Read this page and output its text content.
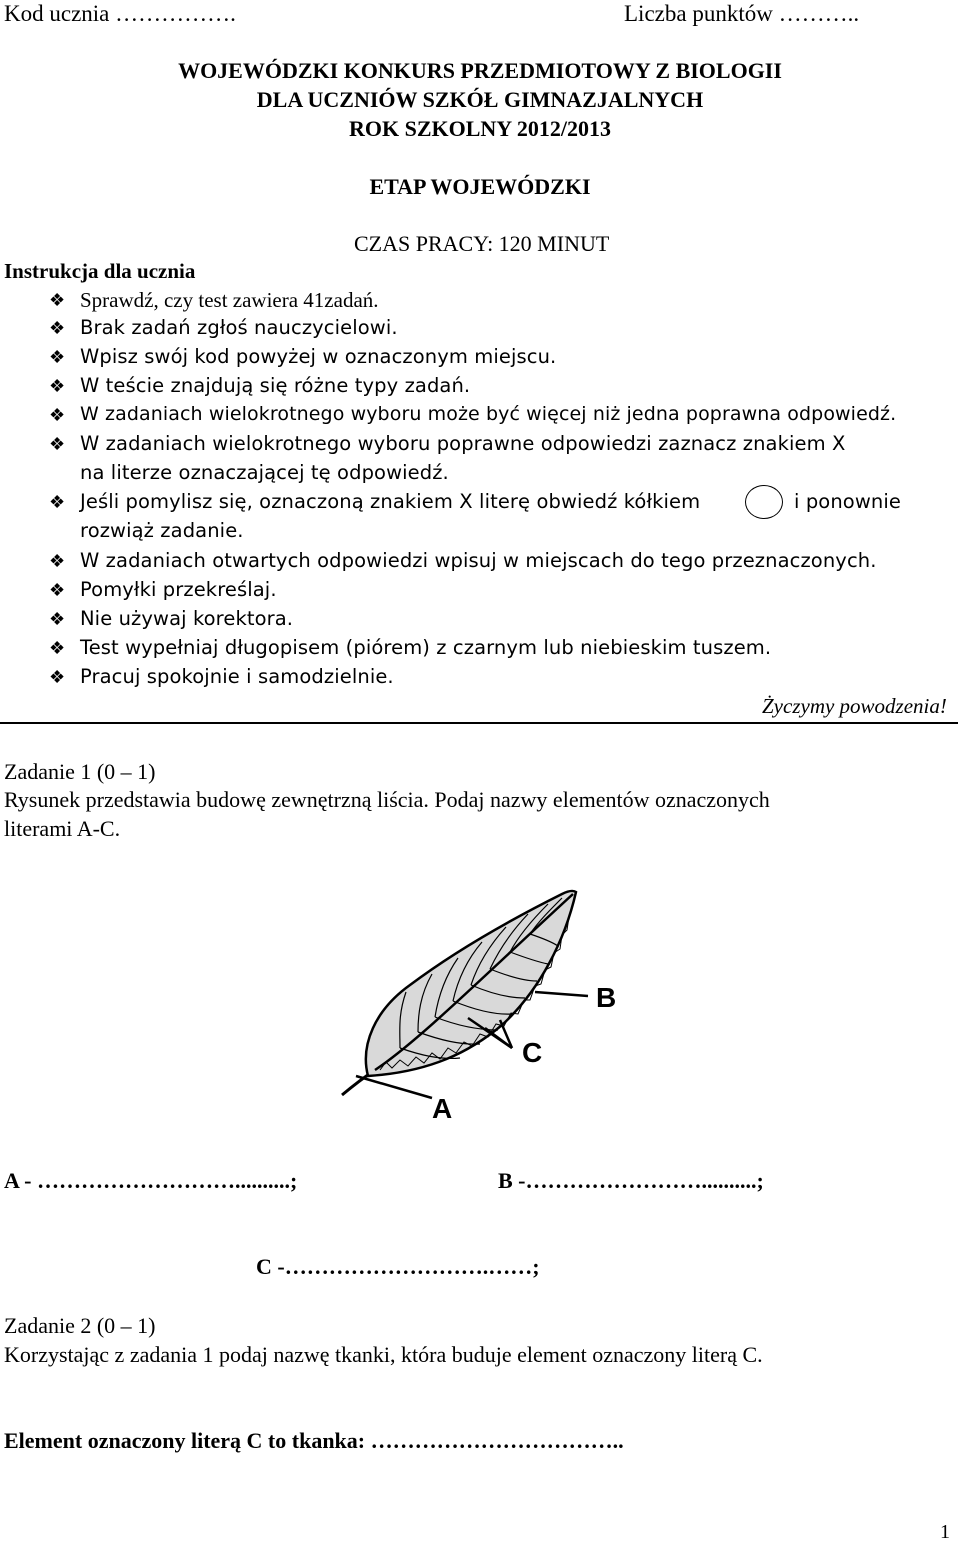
Kod ucznia …………….	Liczba punktów ………..
WOJEWÓDZKI KONKURS PRZEDMIOTOWY Z BIOLOGII
DLA UCZNIÓW SZKÓŁ GIMNAZJALNYCH
ROK SZKOLNY 2012/2013
ETAP WOJEWÓDZKI
CZAS PRACY: 120 MINUT
Instrukcja dla ucznia
❖
❖
❖
❖
❖
❖
❖
❖
❖
❖
❖
❖
Sprawdź, czy test zawiera 41zadań.
Brak zadań zgłoś nauczycielowi.
Wpisz swój kod powyżej w oznaczonym miejscu.
W teście znajdują się różne typy zadań.
W zadaniach wielokrotnego wyboru może być więcej niż jedna poprawna odpowiedź.
W zadaniach wielokrotnego wyboru poprawne odpowiedzi zaznacz znakiem X
na literze oznaczającej tę odpowiedź.
Jeśli pomylisz się, oznaczoną znakiem X literę obwiedź kółkiem	i ponownie
rozwiąż zadanie.
W zadaniach otwartych odpowiedzi wpisuj w miejscach do tego przeznaczonych.
Pomyłki przekreślaj.
Nie używaj korektora.
Test wypełniaj długopisem (piórem) z czarnym lub niebieskim tuszem.
Pracuj spokojnie i samodzielnie.
Życzymy powodzenia!
Zadanie 1 (0 – 1)
Rysunek przedstawia budowę zewnętrzną liścia. Podaj nazwy elementów oznaczonych
literami A-C.
B
C
A
A - ………………………..........;	B -……………………..........;
C -……………………….……;
Zadanie 2 (0 – 1)
Korzystając z zadania 1 podaj nazwę tkanki, która buduje element oznaczony literą C.
Element oznaczony literą C to tkanka: ……………………………..
1
